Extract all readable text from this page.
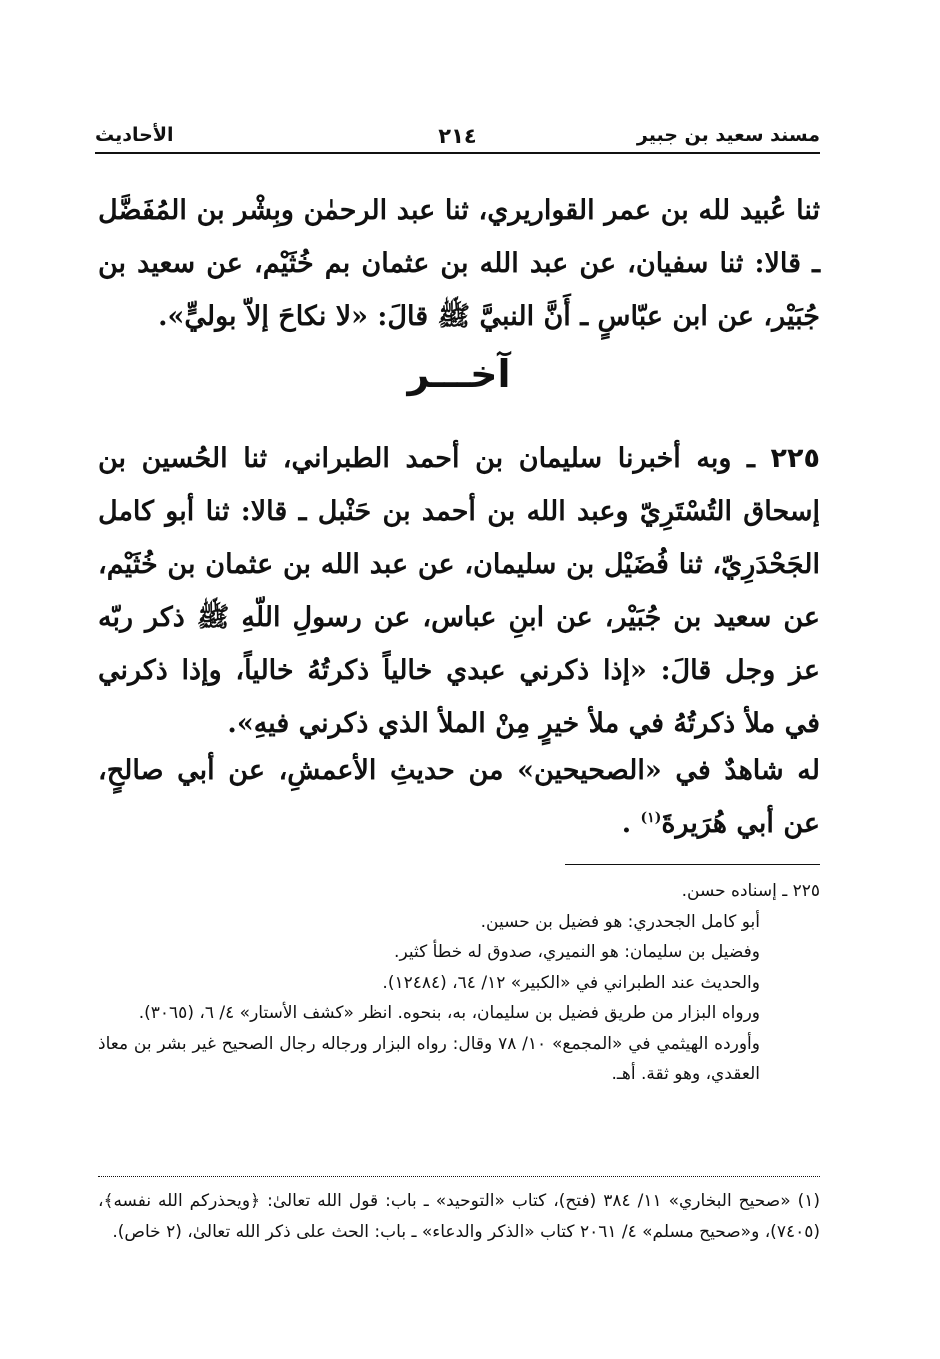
مسند سعيد بن جبير
٢١٤
الأحاديث
ثنا عُبيد لله بن عمر القواريري، ثنا عبد الرحمٰن وبِشْر بن المُفَضَّل ـ قالا: ثنا سفيان، عن عبد الله بن عثمان بم خُثَيْم، عن سعيد بن جُبَيْر، عن ابن عبّاسٍ ـ أَنَّ النبيَّ ﷺ قالَ: «لا نكاحَ إلاّ بوليٍّ».
آخـــر
٢٢٥ ـ وبه أخبرنا سليمان بن أحمد الطبراني، ثنا الحُسين بن إسحاق التُسْتَرِيّ وعبد الله بن أحمد بن حَنْبل ـ قالا: ثنا أبو كامل الجَحْدَرِيّ، ثنا فُضَيْل بن سليمان، عن عبد الله بن عثمان بن خُثَيْم، عن سعيد بن جُبَيْر، عن ابنِ عباس، عن رسولِ اللّهِ ﷺ ذكر ربّه عز وجل قالَ: «إذا ذكرني عبدي خالياً ذكرتُهُ خالياً، وإذا ذكرني في ملأ ذكرتُهُ في ملأ خيرٍ مِنْ الملأ الذي ذكرني فيهِ».
له شاهدٌ في «الصحيحين» من حديثِ الأعمشِ، عن أبي صالحٍ، عن أبي هُرَيرةَ$^{(١)}$ .

٢٢٥ ـ إسناده حسن.

أبو كامل الجحدري: هو فضيل بن حسين.

وفضيل بن سليمان: هو النميري، صدوق له خطأ كثير.

والحديث عند الطبراني في «الكبير» ١٢/ ٦٤، (١٢٤٨٤).

ورواه البزار من طريق فضيل بن سليمان، به، بنحوه. انظر «كشف الأستار» ٤/ ٦، (٣٠٦٥).

وأورده الهيثمي في «المجمع» ١٠/ ٧٨ وقال: رواه البزار ورجاله رجال الصحيح غير بشر بن معاذ العقدي، وهو ثقة. أهـ.

(١) «صحيح البخاري» ١١/ ٣٨٤ (فتح)، كتاب «التوحيد» ـ باب: قول الله تعالىٰ: ﴿ويحذركم الله نفسه﴾، (٧٤٠٥)، و«صحيح مسلم» ٤/ ٢٠٦١ كتاب «الذكر والدعاء» ـ باب: الحث على ذكر الله تعالىٰ، (٢ خاص).
